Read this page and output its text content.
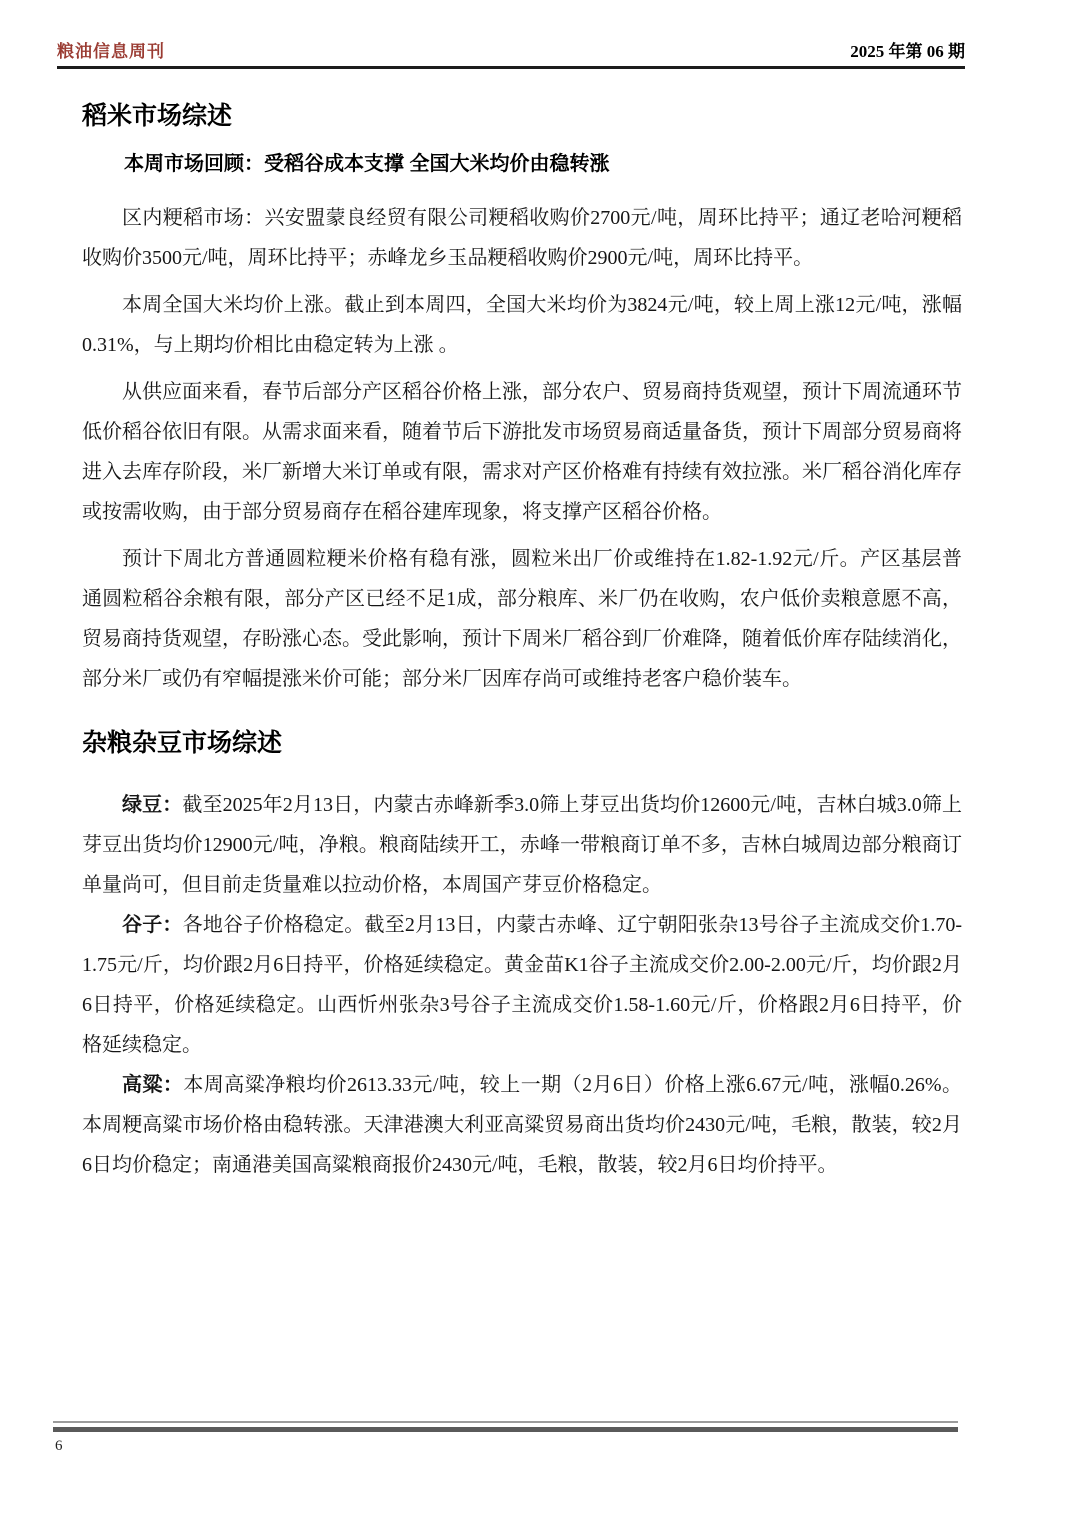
粮油信息周刊	2025 年第 06 期
稻米市场综述
本周市场回顾：受稻谷成本支撑 全国大米均价由稳转涨

区内粳稻市场：兴安盟蒙良经贸有限公司粳稻收购价2700元/吨，周环比持平；通辽老哈河粳稻收购价3500元/吨，周环比持平；赤峰龙乡玉品粳稻收购价2900元/吨，周环比持平。

本周全国大米均价上涨。截止到本周四，全国大米均价为3824元/吨，较上周上涨12元/吨，涨幅0.31%，与上期均价相比由稳定转为上涨 。

从供应面来看，春节后部分产区稻谷价格上涨，部分农户、贸易商持货观望，预计下周流通环节低价稻谷依旧有限。从需求面来看，随着节后下游批发市场贸易商适量备货，预计下周部分贸易商将进入去库存阶段，米厂新增大米订单或有限，需求对产区价格难有持续有效拉涨。米厂稻谷消化库存或按需收购，由于部分贸易商存在稻谷建库现象，将支撑产区稻谷价格。

预计下周北方普通圆粒粳米价格有稳有涨，圆粒米出厂价或维持在1.82-1.92元/斤。产区基层普通圆粒稻谷余粮有限，部分产区已经不足1成，部分粮库、米厂仍在收购，农户低价卖粮意愿不高，贸易商持货观望，存盼涨心态。受此影响，预计下周米厂稻谷到厂价难降，随着低价库存陆续消化，部分米厂或仍有窄幅提涨米价可能；部分米厂因库存尚可或维持老客户稳价装车。

杂粮杂豆市场综述

绿豆：截至2025年2月13日，内蒙古赤峰新季3.0筛上芽豆出货均价12600元/吨，吉林白城3.0筛上芽豆出货均价12900元/吨，净粮。粮商陆续开工，赤峰一带粮商订单不多，吉林白城周边部分粮商订单量尚可，但目前走货量难以拉动价格，本周国产芽豆价格稳定。

谷子：各地谷子价格稳定。截至2月13日，内蒙古赤峰、辽宁朝阳张杂13号谷子主流成交价1.70-1.75元/斤，均价跟2月6日持平，价格延续稳定。黄金苗K1谷子主流成交价2.00-2.00元/斤，均价跟2月6日持平，价格延续稳定。山西忻州张杂3号谷子主流成交价1.58-1.60元/斤，价格跟2月6日持平，价格延续稳定。

高粱：本周高粱净粮均价2613.33元/吨，较上一期（2月6日）价格上涨6.67元/吨，涨幅0.26%。本周粳高粱市场价格由稳转涨。天津港澳大利亚高粱贸易商出货均价2430元/吨，毛粮，散装，较2月6日均价稳定；南通港美国高粱粮商报价2430元/吨，毛粮，散装，较2月6日均价持平。

6
